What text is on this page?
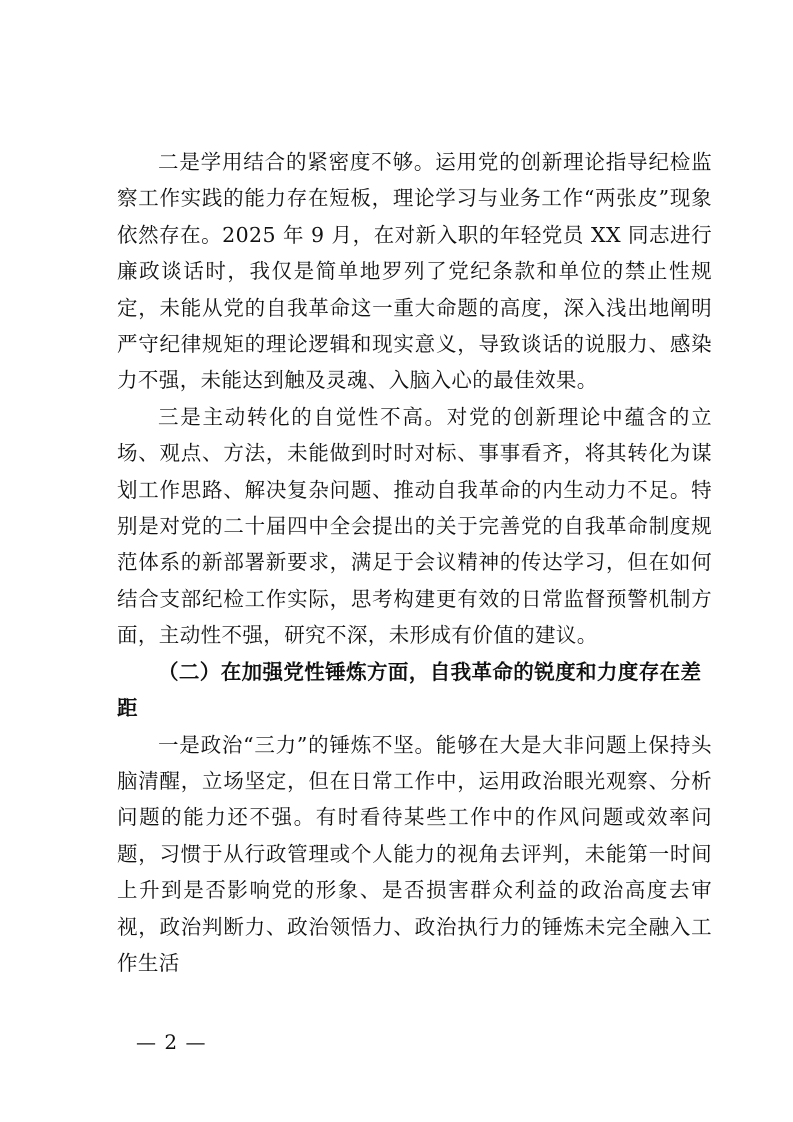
二是学用结合的紧密度不够。运用党的创新理论指导纪检监察工作实践的能力存在短板，理论学习与业务工作“两张皮”现象依然存在。2025 年 9 月，在对新入职的年轻党员 XX 同志进行廉政谈话时，我仅是简单地罗列了党纪条款和单位的禁止性规定，未能从党的自我革命这一重大命题的高度，深入浅出地阐明严守纪律规矩的理论逻辑和现实意义，导致谈话的说服力、感染力不强，未能达到触及灵魂、入脑入心的最佳效果。

三是主动转化的自觉性不高。对党的创新理论中蕴含的立场、观点、方法，未能做到时时对标、事事看齐，将其转化为谋划工作思路、解决复杂问题、推动自我革命的内生动力不足。特别是对党的二十届四中全会提出的关于完善党的自我革命制度规范体系的新部署新要求，满足于会议精神的传达学习，但在如何结合支部纪检工作实际，思考构建更有效的日常监督预警机制方面，主动性不强，研究不深，未形成有价值的建议。

（二）在加强党性锤炼方面，自我革命的锐度和力度存在差距

一是政治“三力”的锤炼不坚。能够在大是大非问题上保持头脑清醒，立场坚定，但在日常工作中，运用政治眼光观察、分析问题的能力还不强。有时看待某些工作中的作风问题或效率问题，习惯于从行政管理或个人能力的视角去评判，未能第一时间上升到是否影响党的形象、是否损害群众利益的政治高度去审视，政治判断力、政治领悟力、政治执行力的锤炼未完全融入工作生活

— 2 —
